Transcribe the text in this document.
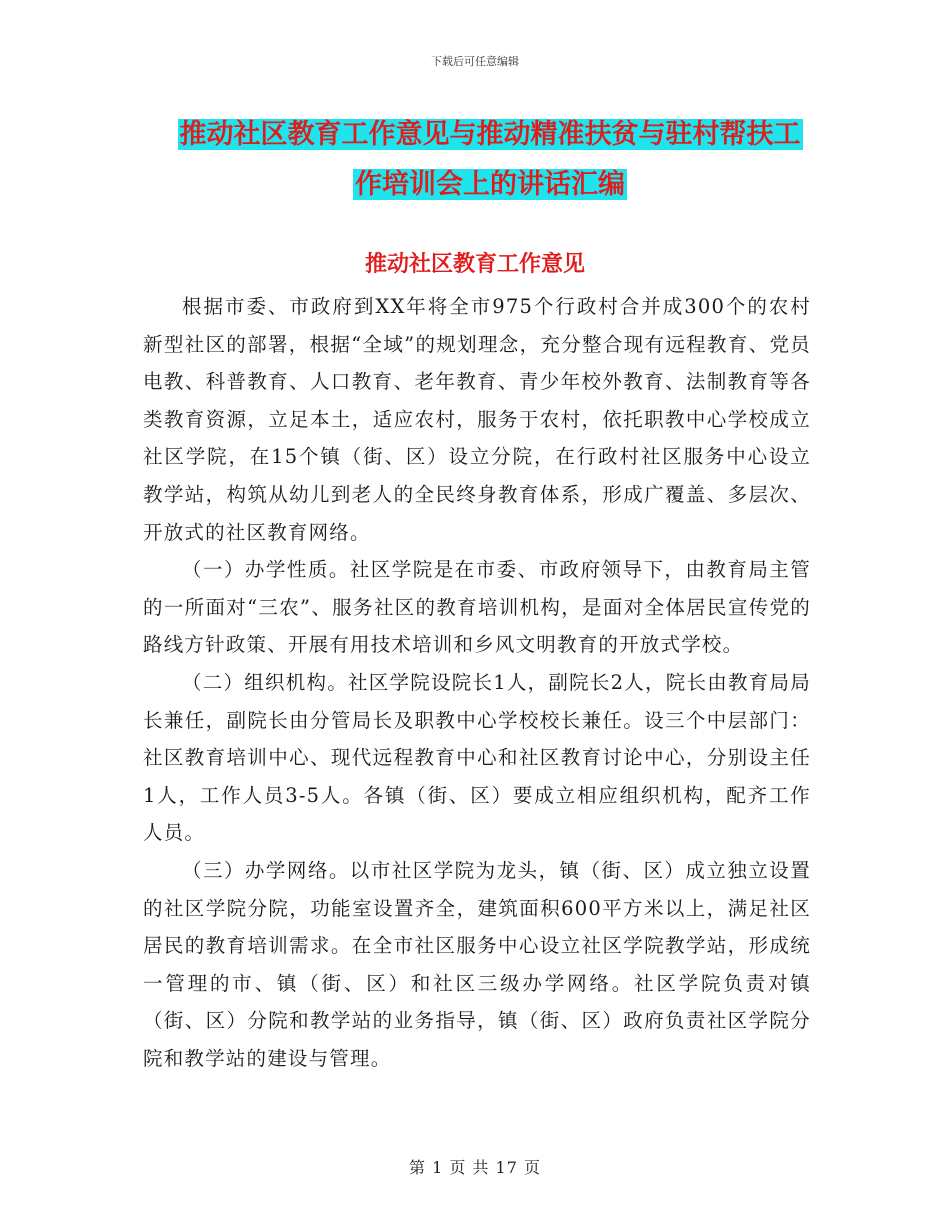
下载后可任意编辑
推动社区教育工作意见与推动精准扶贫与驻村帮扶工
作培训会上的讲话汇编
推动社区教育工作意见

根据市委、市政府到XX年将全市975个行政村合并成300个的农村新型社区的部署，根据“全域”的规划理念，充分整合现有远程教育、党员电教、科普教育、人口教育、老年教育、青少年校外教育、法制教育等各类教育资源，立足本土，适应农村，服务于农村，依托职教中心学校成立社区学院，在15个镇（街、区）设立分院，在行政村社区服务中心设立教学站，构筑从幼儿到老人的全民终身教育体系，形成广覆盖、多层次、开放式的社区教育网络。

（一）办学性质。社区学院是在市委、市政府领导下，由教育局主管的一所面对“三农”、服务社区的教育培训机构，是面对全体居民宣传党的路线方针政策、开展有用技术培训和乡风文明教育的开放式学校。

（二）组织机构。社区学院设院长1人，副院长2人，院长由教育局局长兼任，副院长由分管局长及职教中心学校校长兼任。设三个中层部门：社区教育培训中心、现代远程教育中心和社区教育讨论中心，分别设主任1人，工作人员3-5人。各镇（街、区）要成立相应组织机构，配齐工作人员。

（三）办学网络。以市社区学院为龙头，镇（街、区）成立独立设置的社区学院分院，功能室设置齐全，建筑面积600平方米以上，满足社区居民的教育培训需求。在全市社区服务中心设立社区学院教学站，形成统一管理的市、镇（街、区）和社区三级办学网络。社区学院负责对镇（街、区）分院和教学站的业务指导，镇（街、区）政府负责社区学院分院和教学站的建设与管理。

第 1 页 共 17 页
